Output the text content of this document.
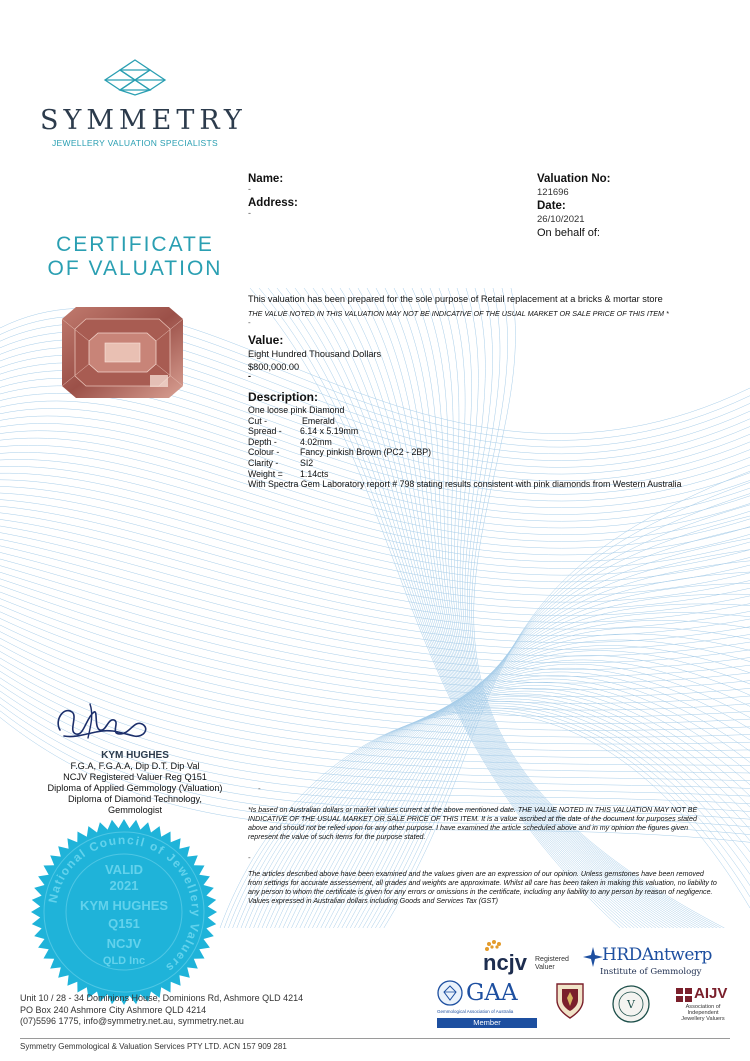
SYMMETRY
JEWELLERY VALUATION SPECIALISTS
CERTIFICATE
OF VALUATION
Name:
-
Address:
-
Valuation No:
121696
Date:
26/10/2021
On behalf of:
This valuation has been prepared for the sole purpose of Retail replacement at a bricks & mortar store
THE VALUE NOTED IN THIS VALUATION MAY NOT BE INDICATIVE OF THE USUAL MARKET OR SALE PRICE OF THIS ITEM *
-
Value:
Eight Hundred Thousand Dollars
$800,000.00
-
Description:
One loose pink Diamond
Cut -	Emerald
Spread - 6.14 x 5.19mm
Depth -	4.02mm
Colour - Fancy pinkish Brown (PC2 - 2BP)
Clarity - SI2
Weight = 1.14cts
With Spectra Gem Laboratory report # 798 stating results consistent with pink diamonds from Western Australia
-
*Is based on Australian dollars or market values current at the above mentioned date. THE VALUE NOTED IN THIS VALUATION MAY NOT BE INDICATIVE OF THE USUAL MARKET OR SALE PRICE OF THIS ITEM. It is a value ascribed at the date of the document for purposes stated above and should not be relied upon for any other purpose. I have examined the article scheduled above and in my opinion the figures given represent the value of such items for the purpose stated.
-
The articles described above have been examined and the values given are an expression of our opinion. Unless gemstones have been removed from settings for accurate assessement, all grades and weights are approximate. Whilst all care has been taken in making this valuation, no liability to any person to whom the certificate is given for any errors or omissions in the certificate, including any liability to any person by reason of negligence. Values expressed in Australian dollars including Goods and Services Tax (GST)
KYM HUGHES
F.G.A, F.G.A.A, Dip D.T. Dip Val
NCJV Registered Valuer Reg Q151
Diploma of Applied Gemmology (Valuation)
Diploma of Diamond Technology,
Gemmologist
VALID
2021
KYM HUGHES
Q151
NCJV
QLD Inc
National Council of Jewellery Valuers	ncjv Registered
Valuer
HRDAntwerp
Institute of Gemmology
GAA
Gemmological Association of Australia
Member
V
AIJV
Association of
Independent
Jewellery Valuers
Unit 10 / 28 - 34 Dominions House, Dominions Rd, Ashmore QLD 4214
PO Box 240 Ashmore City Ashmore QLD 4214
(07)5596 1775, info@symmetry.net.au, symmetry.net.au
Symmetry Gemmological & Valuation Services PTY LTD. ACN 157 909 281
